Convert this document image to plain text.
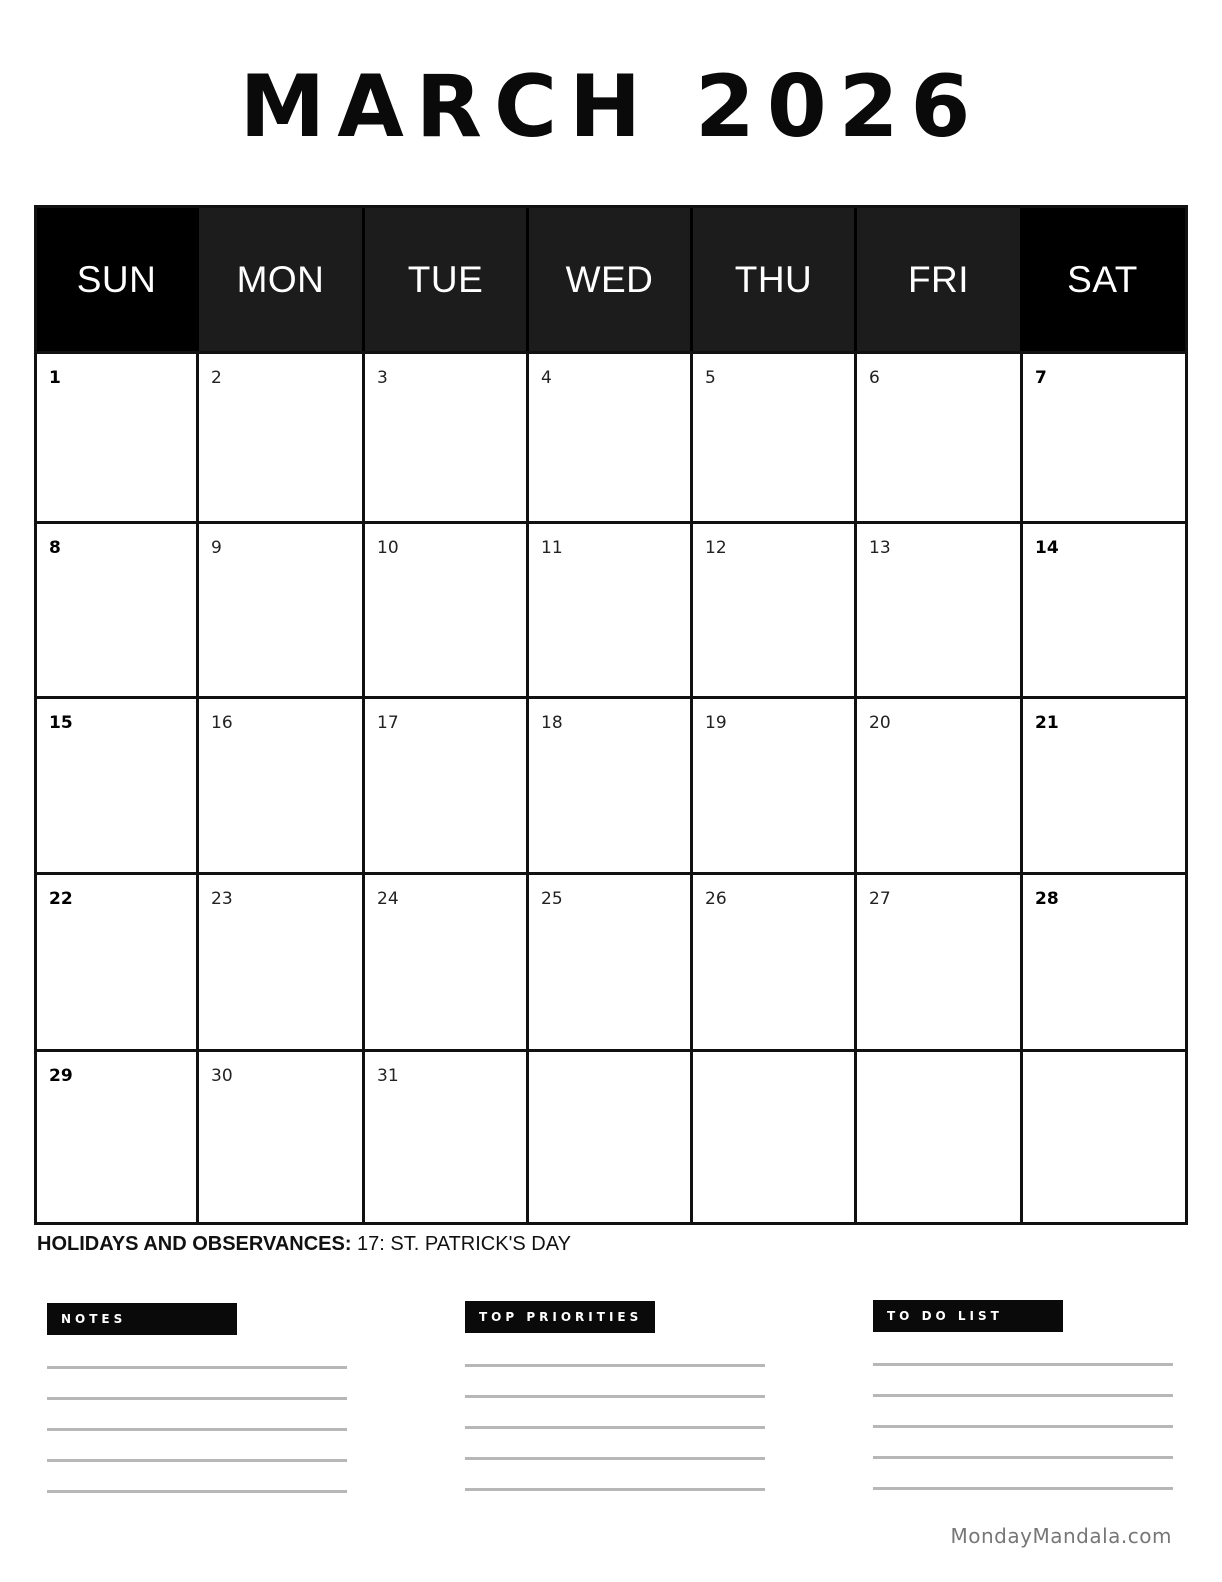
MARCH 2026
SUN	MON	TUE	WED	THU	FRI	SAT
1	2	3	4	5	6	7
8	9	10	11	12	13	14
15	16	17	18	19	20	21
22	23	24	25	26	27	28
29	30	31
HOLIDAYS AND OBSERVANCES: 17: ST. PATRICK'S DAY
NOTES	TOP PRIORITIES	TO DO LIST
MondayMandala.com
